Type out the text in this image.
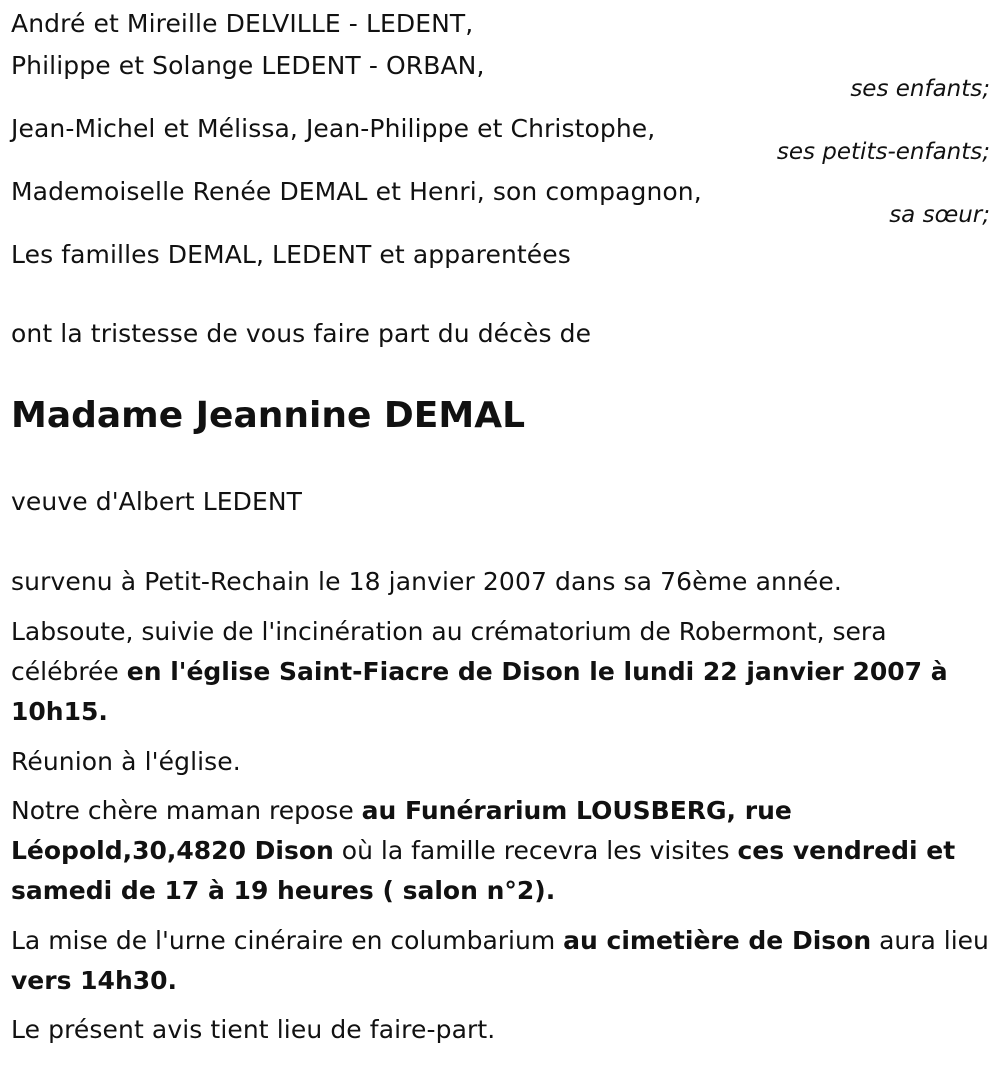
André et Mireille DELVILLE - LEDENT,
Philippe et Solange LEDENT - ORBAN,
ses enfants;
Jean-Michel et Mélissa, Jean-Philippe et Christophe,
ses petits-enfants;
Mademoiselle Renée DEMAL et Henri, son compagnon,
sa sœur;
Les familles DEMAL, LEDENT et apparentées
ont la tristesse de vous faire part du décès de
Madame Jeannine DEMAL
veuve d'Albert LEDENT
survenu à Petit-Rechain le 18 janvier 2007 dans sa 76ème année.
Labsoute, suivie de l'incinération au crématorium de Robermont, sera célébrée en l'église Saint-Fiacre de Dison le lundi 22 janvier 2007 à 10h15.
Réunion à l'église.
Notre chère maman repose au Funérarium LOUSBERG, rue Léopold,30,4820 Dison où la famille recevra les visites ces vendredi et samedi de 17 à 19 heures ( salon n°2).
La mise de l'urne cinéraire en columbarium au cimetière de Dison aura lieu vers 14h30.
Le présent avis tient lieu de faire-part.
